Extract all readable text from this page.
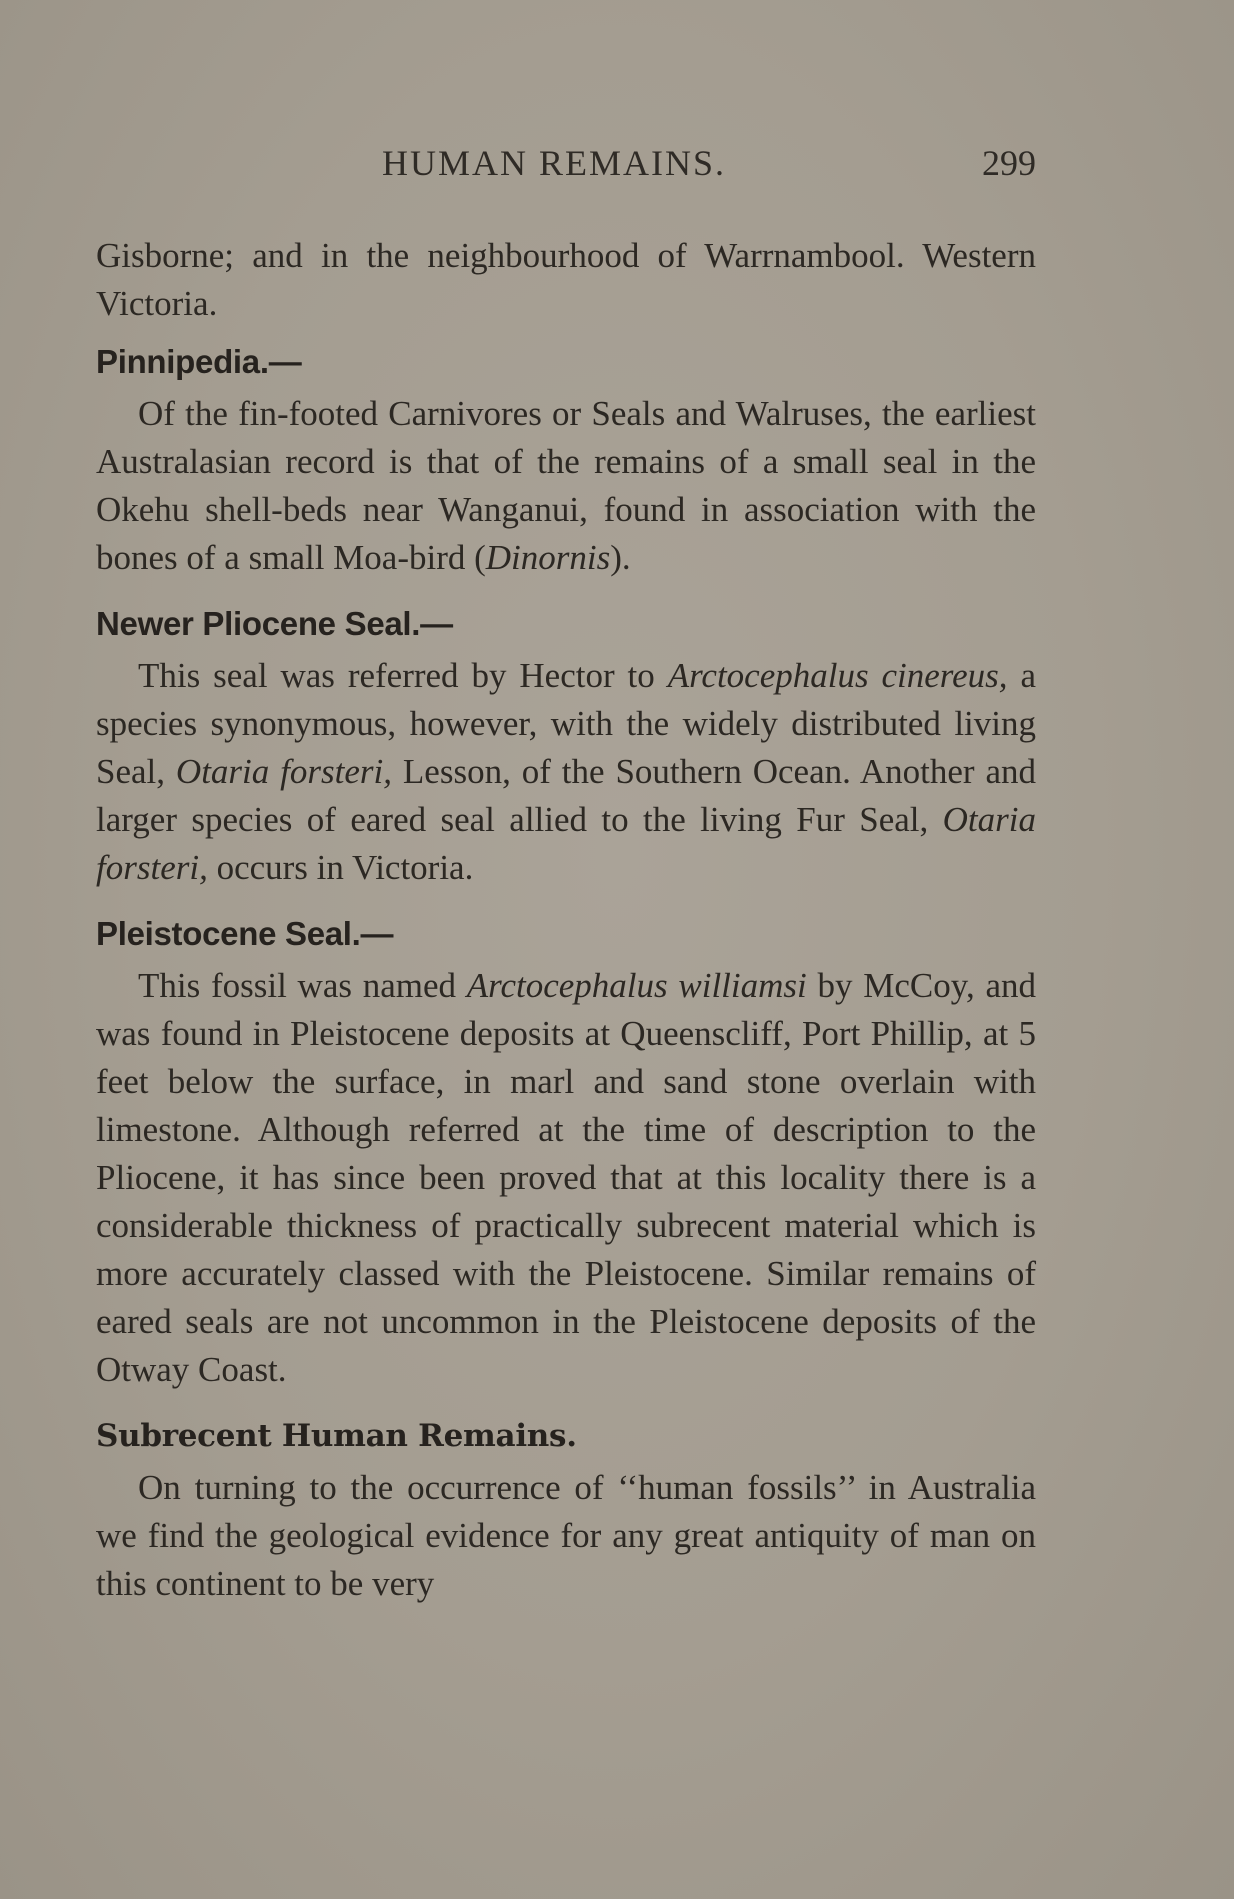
HUMAN REMAINS.	299

Gisborne; and in the neighbourhood of Warrnambool. Western Victoria.

Pinnipedia.—

Of the fin-footed Carnivores or Seals and Walruses, the earliest Australasian record is that of the remains of a small seal in the Okehu shell-beds near Wanganui, found in association with the bones of a small Moa-bird (Dinornis).

Newer Pliocene Seal.—

This seal was referred by Hector to Arctocephalus cinereus, a species synonymous, however, with the widely distributed living Seal, Otaria forsteri, Lesson, of the Southern Ocean. Another and larger species of eared seal allied to the living Fur Seal, Otaria forsteri, occurs in Victoria.

Pleistocene Seal.—

This fossil was named Arctocephalus williamsi by McCoy, and was found in Pleistocene deposits at Queenscliff, Port Phillip, at 5 feet below the surface, in marl and sand stone overlain with limestone. Although referred at the time of description to the Pliocene, it has since been proved that at this locality there is a considerable thickness of practically subrecent material which is more accurately classed with the Pleistocene. Similar remains of eared seals are not uncommon in the Pleistocene deposits of the Otway Coast.

Subrecent Human Remains.

On turning to the occurrence of ‘‘human fossils’’ in Australia we find the geological evidence for any great antiquity of man on this continent to be very
